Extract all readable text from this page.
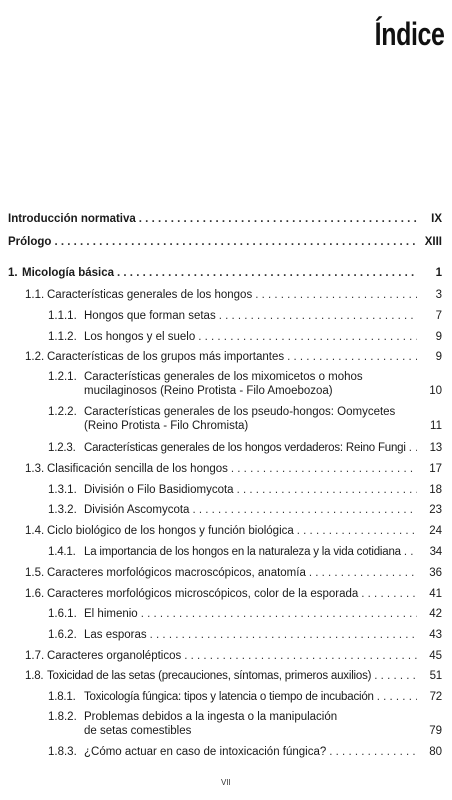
Índice
Introducción normativa . . .	IX
Prólogo . . .	XIII
1. Micología básica . . .	1
1.1. Características generales de los hongos . . .	3
1.1.1. Hongos que forman setas . . .	7
1.1.2. Los hongos y el suelo . . .	9
1.2. Características de los grupos más importantes . . .	9
1.2.1. Características generales de los mixomicetos o mohos
mucilaginosos (Reino Protista - Filo Amoebozoa)	10
1.2.2. Características generales de los pseudo-hongos: Oomycetes
(Reino Protista - Filo Chromista)	11
1.2.3. Características generales de los hongos verdaderos: Reino Fungi . . .	13
1.3. Clasificación sencilla de los hongos . . .	17
1.3.1. División o Filo Basidiomycota . . .	18
1.3.2. División Ascomycota . . .	23
1.4. Ciclo biológico de los hongos y función biológica . . .	24
1.4.1. La importancia de los hongos en la naturaleza y la vida cotidiana . . .	34
1.5. Caracteres morfológicos macroscópicos, anatomía . . .	36
1.6. Caracteres morfológicos microscópicos, color de la esporada . . .	41
1.6.1. El himenio . . .	42
1.6.2. Las esporas . . .	43
1.7. Caracteres organolépticos . . .	45
1.8. Toxicidad de las setas (precauciones, síntomas, primeros auxilios) . . .	51
1.8.1. Toxicología fúngica: tipos y latencia o tiempo de incubación . . .	72
1.8.2. Problemas debidos a la ingesta o la manipulación
de setas comestibles	79
1.8.3. ¿Cómo actuar en caso de intoxicación fúngica? . . .	80
VII
